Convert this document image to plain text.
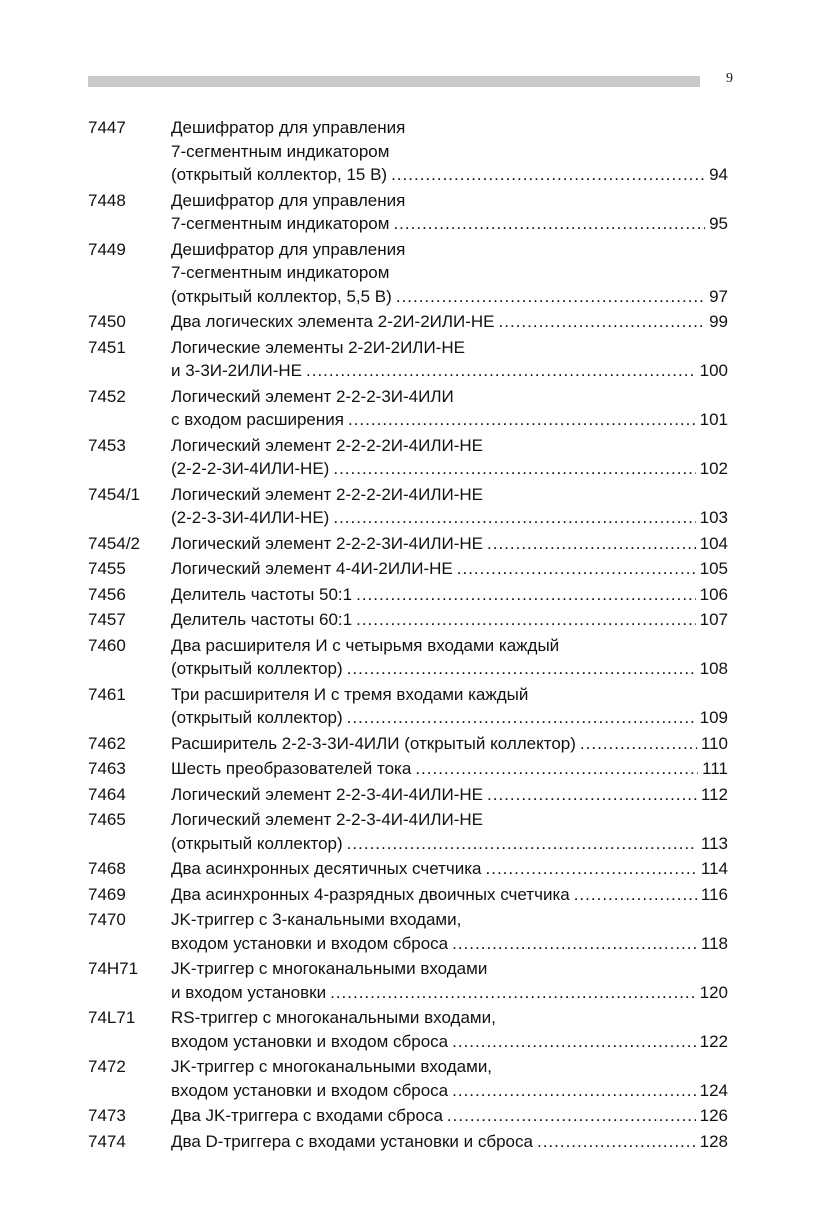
9
7447	Дешифратор для управления
7-сегментным индикатором
(открытый коллектор, 15 В) .....	94
7448	Дешифратор для управления
7-сегментным индикатором .....	95
7449	Дешифратор для управления
7-сегментным индикатором
(открытый коллектор, 5,5 В) .....	97
7450	Два логических элемента 2-2И-2ИЛИ-НЕ .....	99
7451	Логические элементы 2-2И-2ИЛИ-НЕ
и 3-3И-2ИЛИ-НЕ .....	100
7452	Логический элемент 2-2-2-3И-4ИЛИ
с входом расширения .....	101
7453	Логический элемент 2-2-2-2И-4ИЛИ-НЕ
(2-2-2-3И-4ИЛИ-НЕ) .....	102
7454/1	Логический элемент 2-2-2-2И-4ИЛИ-НЕ
(2-2-3-3И-4ИЛИ-НЕ) .....	103
7454/2	Логический элемент 2-2-2-3И-4ИЛИ-НЕ .....	104
7455	Логический элемент 4-4И-2ИЛИ-НЕ .....	105
7456	Делитель частоты 50:1 .....	106
7457	Делитель частоты 60:1 .....	107
7460	Два расширителя И с четырьмя входами каждый
(открытый коллектор) .....	108
7461	Три расширителя И с тремя входами каждый
(открытый коллектор) .....	109
7462	Расширитель 2-2-3-3И-4ИЛИ (открытый коллектор) .....	110
7463	Шесть преобразователей тока .....	111
7464	Логический элемент 2-2-3-4И-4ИЛИ-НЕ .....	112
7465	Логический элемент 2-2-3-4И-4ИЛИ-НЕ
(открытый коллектор) .....	113
7468	Два асинхронных десятичных счетчика .....	114
7469	Два асинхронных 4-разрядных двоичных счетчика .....	116
7470	JK-триггер с 3-канальными входами,
входом установки и входом сброса .....	118
74H71	JK-триггер с многоканальными входами
и входом установки .....	120
74L71	RS-триггер с многоканальными входами,
входом установки и входом сброса .....	122
7472	JK-триггер с многоканальными входами,
входом установки и входом сброса .....	124
7473	Два JK-триггера с входами сброса .....	126
7474	Два D-триггера с входами установки и сброса .....	128
